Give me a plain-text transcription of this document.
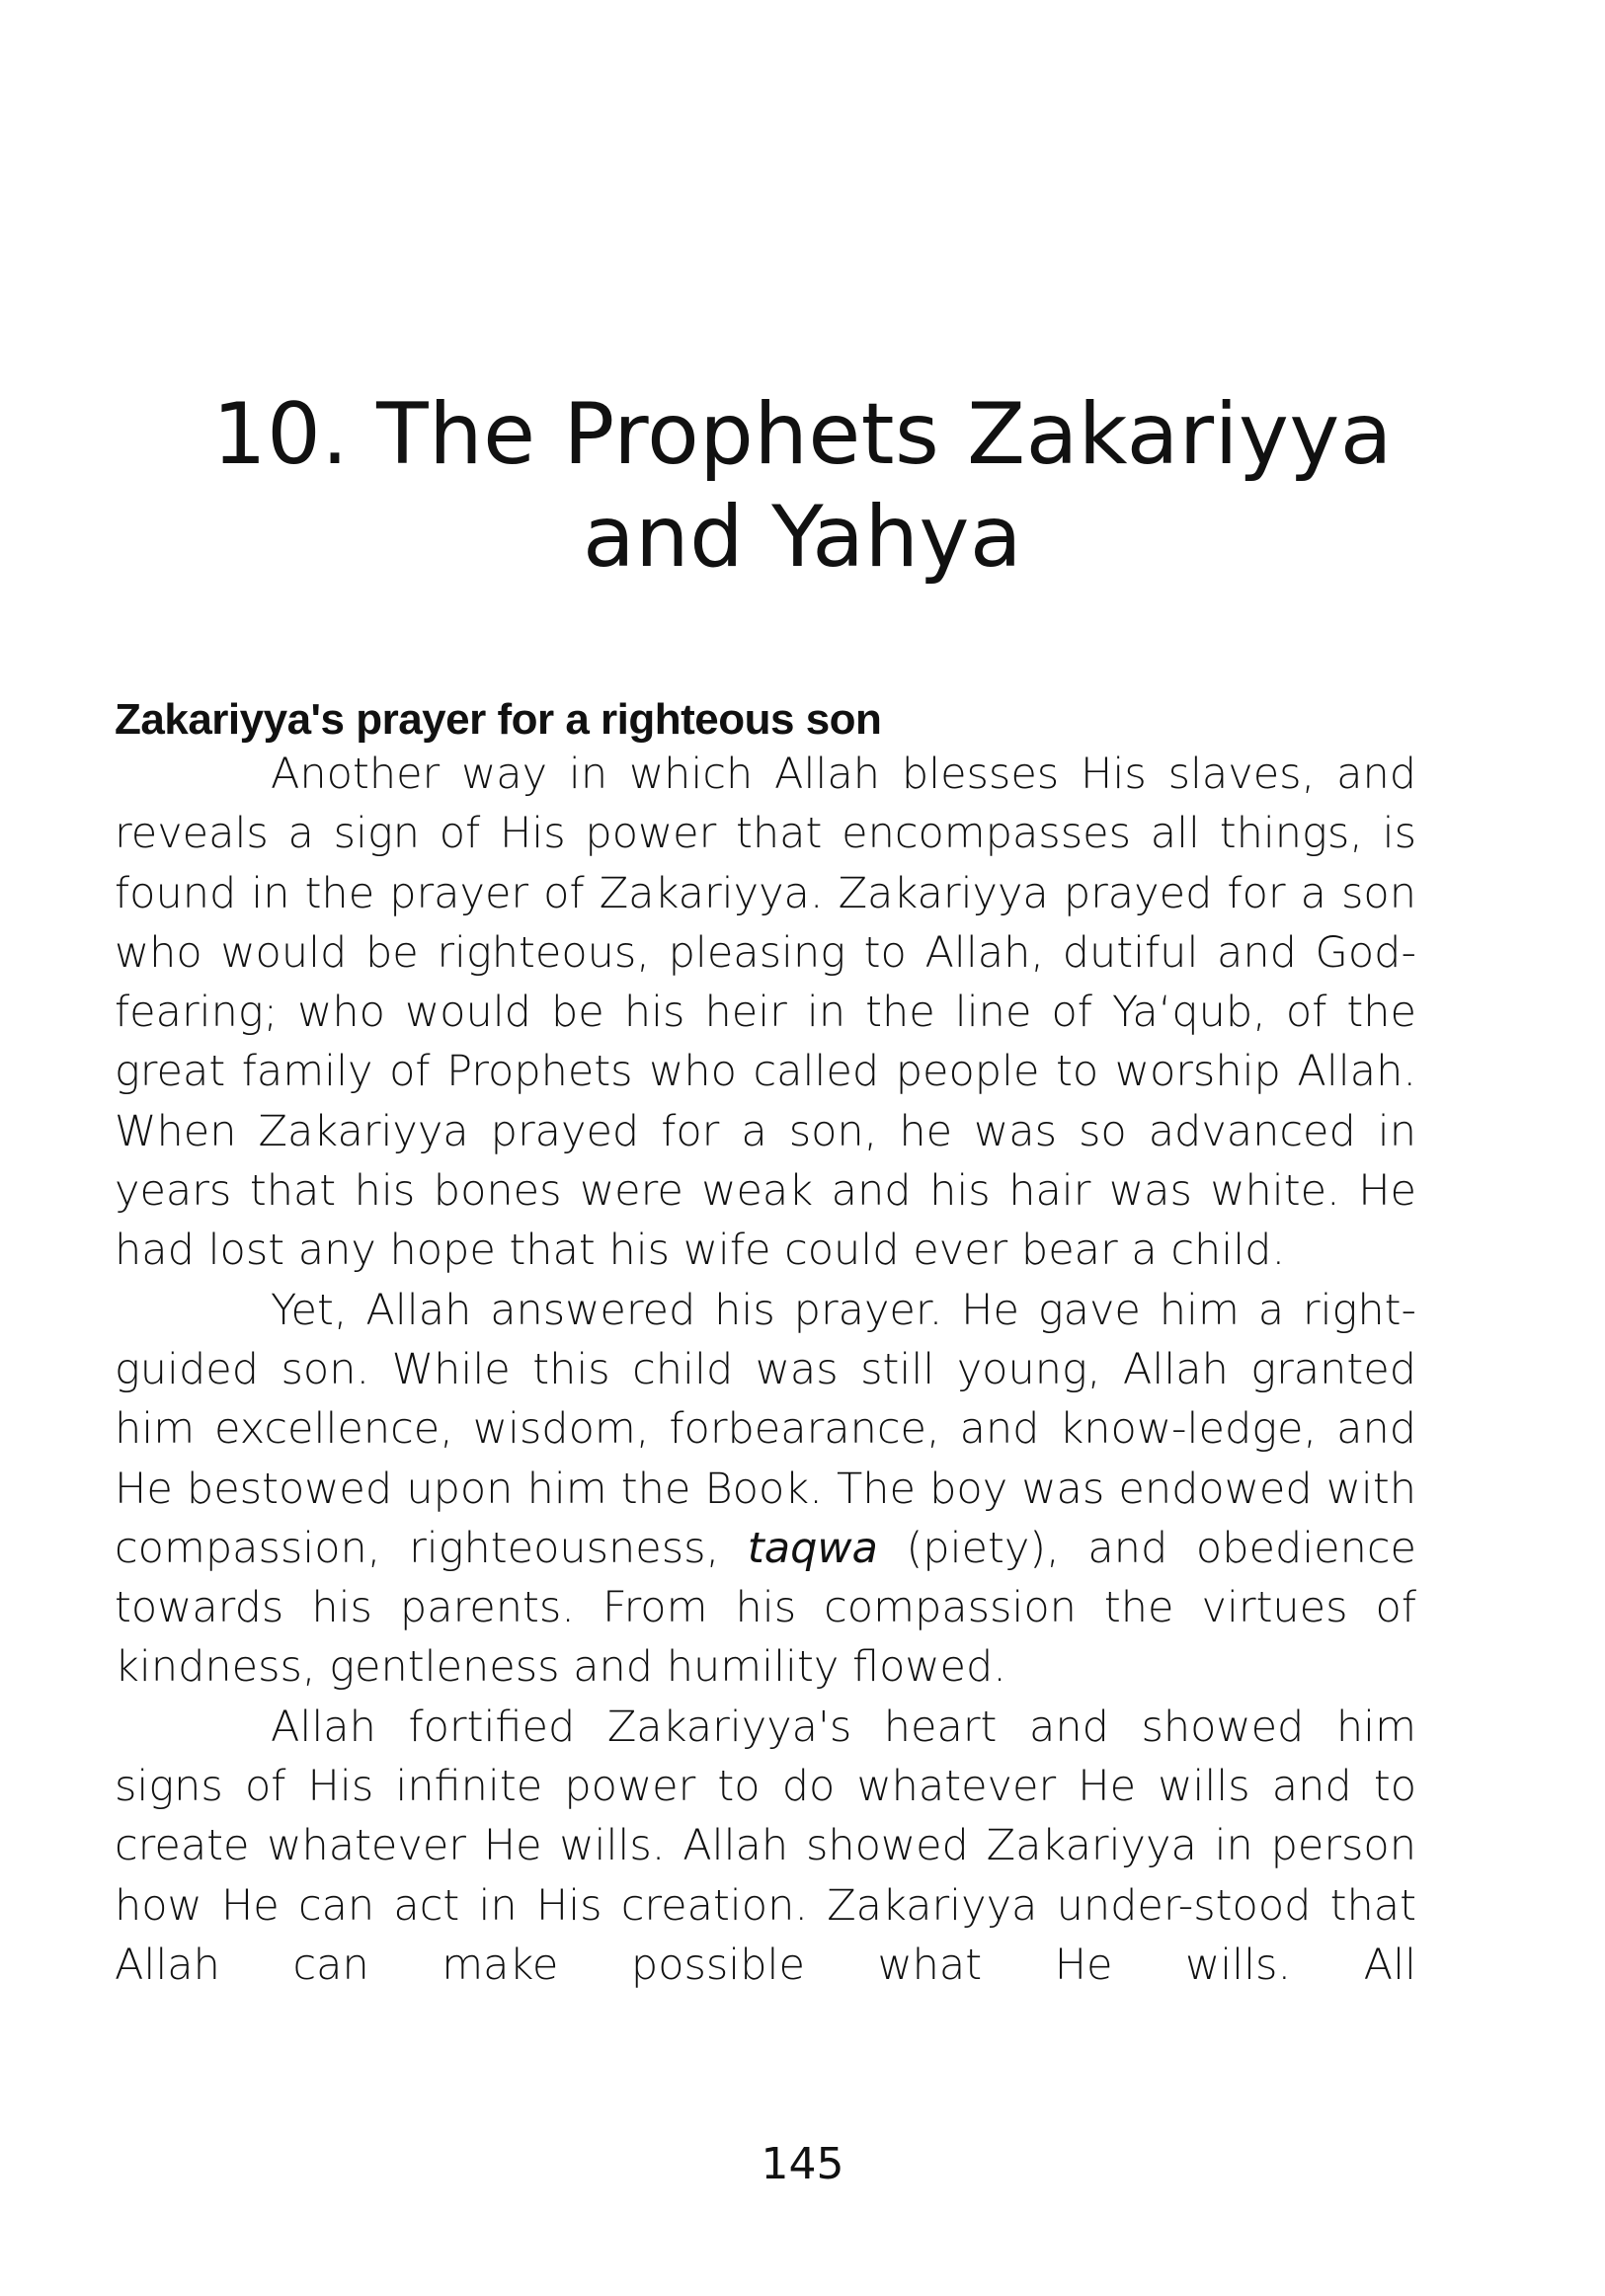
10. The Prophets Zakariyya
and Yahya
Zakariyya's prayer for a righteous son

Another way in which Allah blesses His slaves, and reveals a sign of His power that encompasses all things, is found in the prayer of Zakariyya. Zakariyya prayed for a son who would be righteous, pleasing to Allah, dutiful and God-fearing; who would be his heir in the line of Ya‘qub, of the great family of Prophets who called people to worship Allah. When Zakariyya prayed for a son, he was so advanced in years that his bones were weak and his hair was white. He had lost any hope that his wife could ever bear a child.

Yet, Allah answered his prayer. He gave him a right-guided son. While this child was still young, Allah granted him excellence, wisdom, forbearance, and know-ledge, and He bestowed upon him the Book. The boy was endowed with compassion, righteousness, taqwa (piety), and obedience towards his parents. From his compassion the virtues of kindness, gentleness and humility flowed.

Allah fortified Zakariyya's heart and showed him signs of His infinite power to do whatever He wills and to create whatever He wills. Allah showed Zakariyya in person how He can act in His creation. Zakariyya under-stood that Allah can make possible what He wills. All

145
